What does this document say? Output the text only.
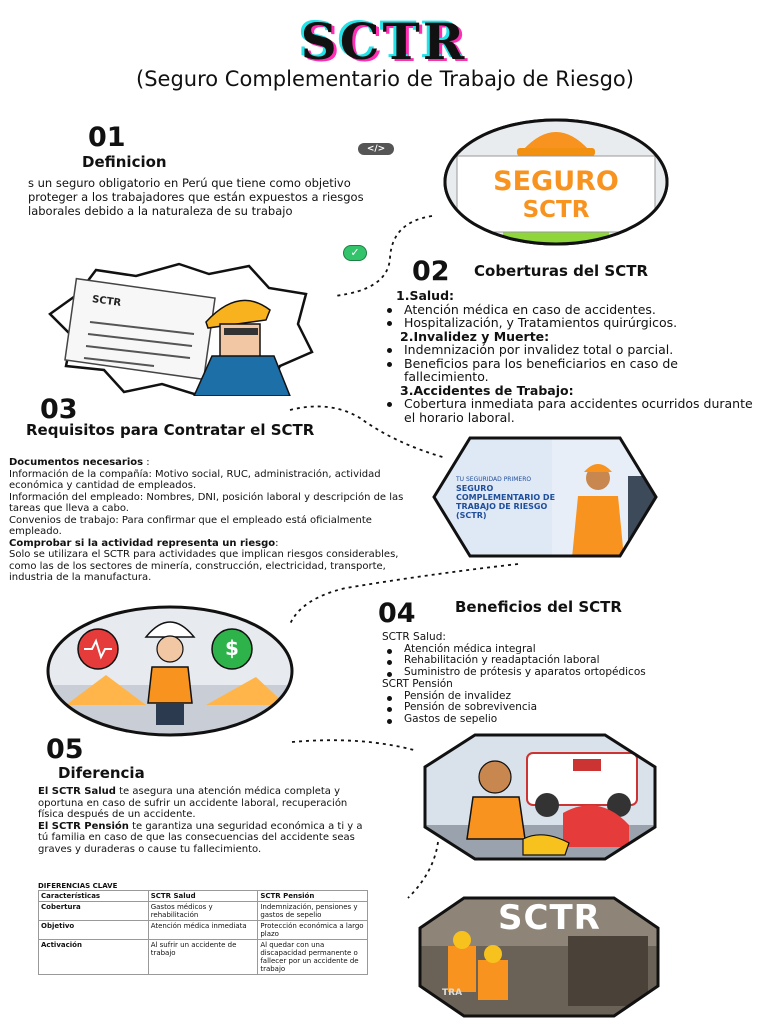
SCTR
(Seguro Complementario de Trabajo de Riesgo)
01
Definicion
s un seguro obligatorio en Perú que tiene como objetivo proteger a los trabajadores que están expuestos a riesgos laborales debido a la naturaleza de su trabajo
</>
✓
SEGURO
SCTR
SCTR
02 Coberturas del SCTR
1.Salud:
Atención médica en caso de accidentes.
Hospitalización, y Tratamientos quirúrgicos.
2.Invalidez y Muerte:
Indemnización por invalidez total o parcial.
Beneficios para los beneficiarios en caso de fallecimiento.
3.Accidentes de Trabajo:
Cobertura inmediata para accidentes ocurridos durante el horario laboral.
03
Requisitos para Contratar el SCTR
Documentos necesarios :
Información de la compañía: Motivo social, RUC, administración, actividad económica y cantidad de empleados.
Información del empleado: Nombres, DNI, posición laboral y descripción de las tareas que lleva a cabo.
Convenios de trabajo: Para confirmar que el empleado está oficialmente empleado.
Comprobar si la actividad representa un riesgo:
Solo se utilizara el SCTR para actividades que implican riesgos considerables, como las de los sectores de minería, construcción, electricidad, transporte, industria de la manufactura.
TU SEGURIDAD PRIMERO
SEGURO COMPLEMENTARIO DE TRABAJO DE RIESGO (SCTR)
$
04	Beneficios del SCTR
SCTR Salud:
Atención médica integral
Rehabilitación y readaptación laboral
Suministro de prótesis y aparatos ortopédicos
SCRT Pensión
Pensión de invalidez
Pensión de sobrevivencia
Gastos de sepelio
05
Diferencia
El SCTR Salud te asegura una atención médica completa y oportuna en caso de sufrir un accidente laboral, recuperación física después de un accidente.
El SCTR Pensión te garantiza una seguridad económica a ti y a tú familia en caso de que las consecuencias del accidente seas graves y duraderas o cause tu fallecimiento.
DIFERENCIAS CLAVE
Características	SCTR Salud	SCTR Pensión
Cobertura	Gastos médicos y rehabilitación	Indemnización, pensiones y gastos de sepelio
Objetivo	Atención médica inmediata	Protección económica a largo plazo
Activación	Al sufrir un accidente de trabajo	Al quedar con una discapacidad permanente o fallecer por un accidente de trabajo
SCTR
TRA
